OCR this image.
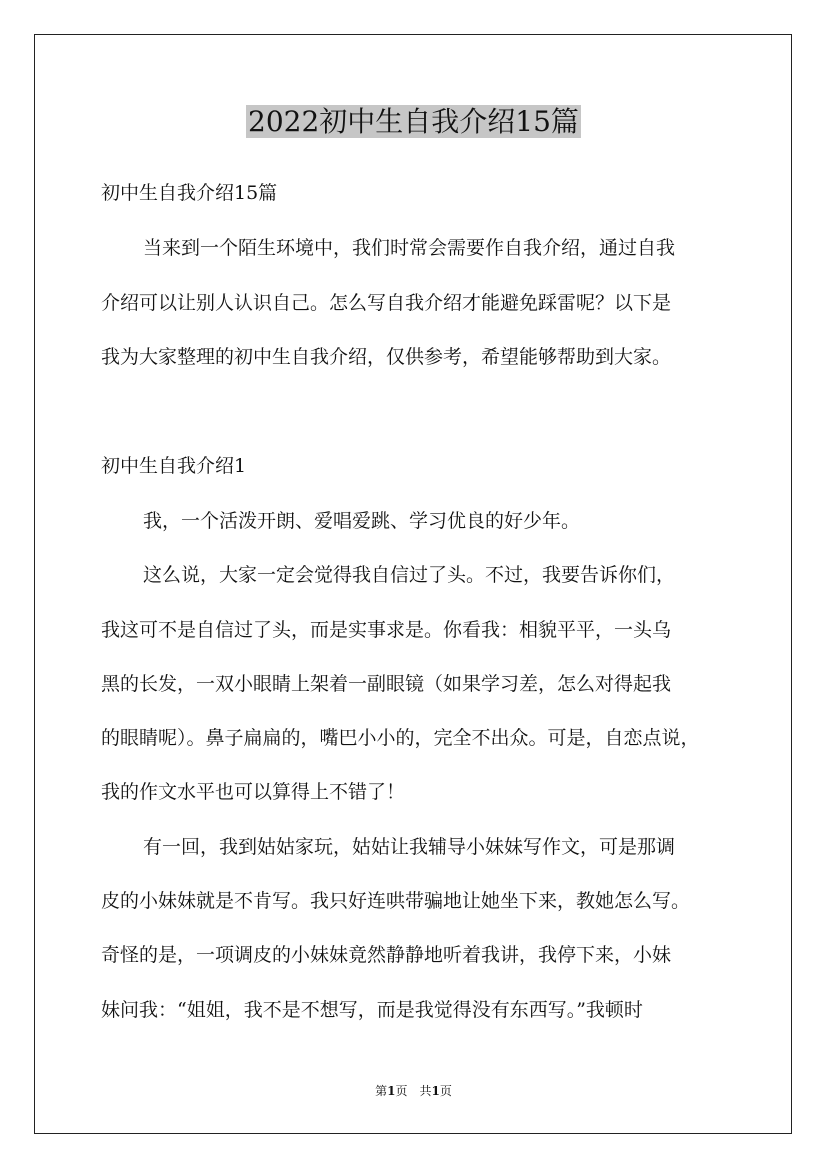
2022初中生自我介绍15篇
初中生自我介绍15篇
当来到一个陌生环境中，我们时常会需要作自我介绍，通过自我
介绍可以让别人认识自己。怎么写自我介绍才能避免踩雷呢？以下是
我为大家整理的初中生自我介绍，仅供参考，希望能够帮助到大家。
初中生自我介绍1
我，一个活泼开朗、爱唱爱跳、学习优良的好少年。
这么说，大家一定会觉得我自信过了头。不过，我要告诉你们，
我这可不是自信过了头，而是实事求是。你看我：相貌平平，一头乌
黑的长发，一双小眼睛上架着一副眼镜（如果学习差，怎么对得起我
的眼睛呢）。鼻子扁扁的，嘴巴小小的，完全不出众。可是，自恋点说，
我的作文水平也可以算得上不错了！
有一回，我到姑姑家玩，姑姑让我辅导小妹妹写作文，可是那调
皮的小妹妹就是不肯写。我只好连哄带骗地让她坐下来，教她怎么写。
奇怪的是，一项调皮的小妹妹竟然静静地听着我讲，我停下来，小妹
妹问我：“姐姐，我不是不想写，而是我觉得没有东西写。”我顿时
第1页　共1页
